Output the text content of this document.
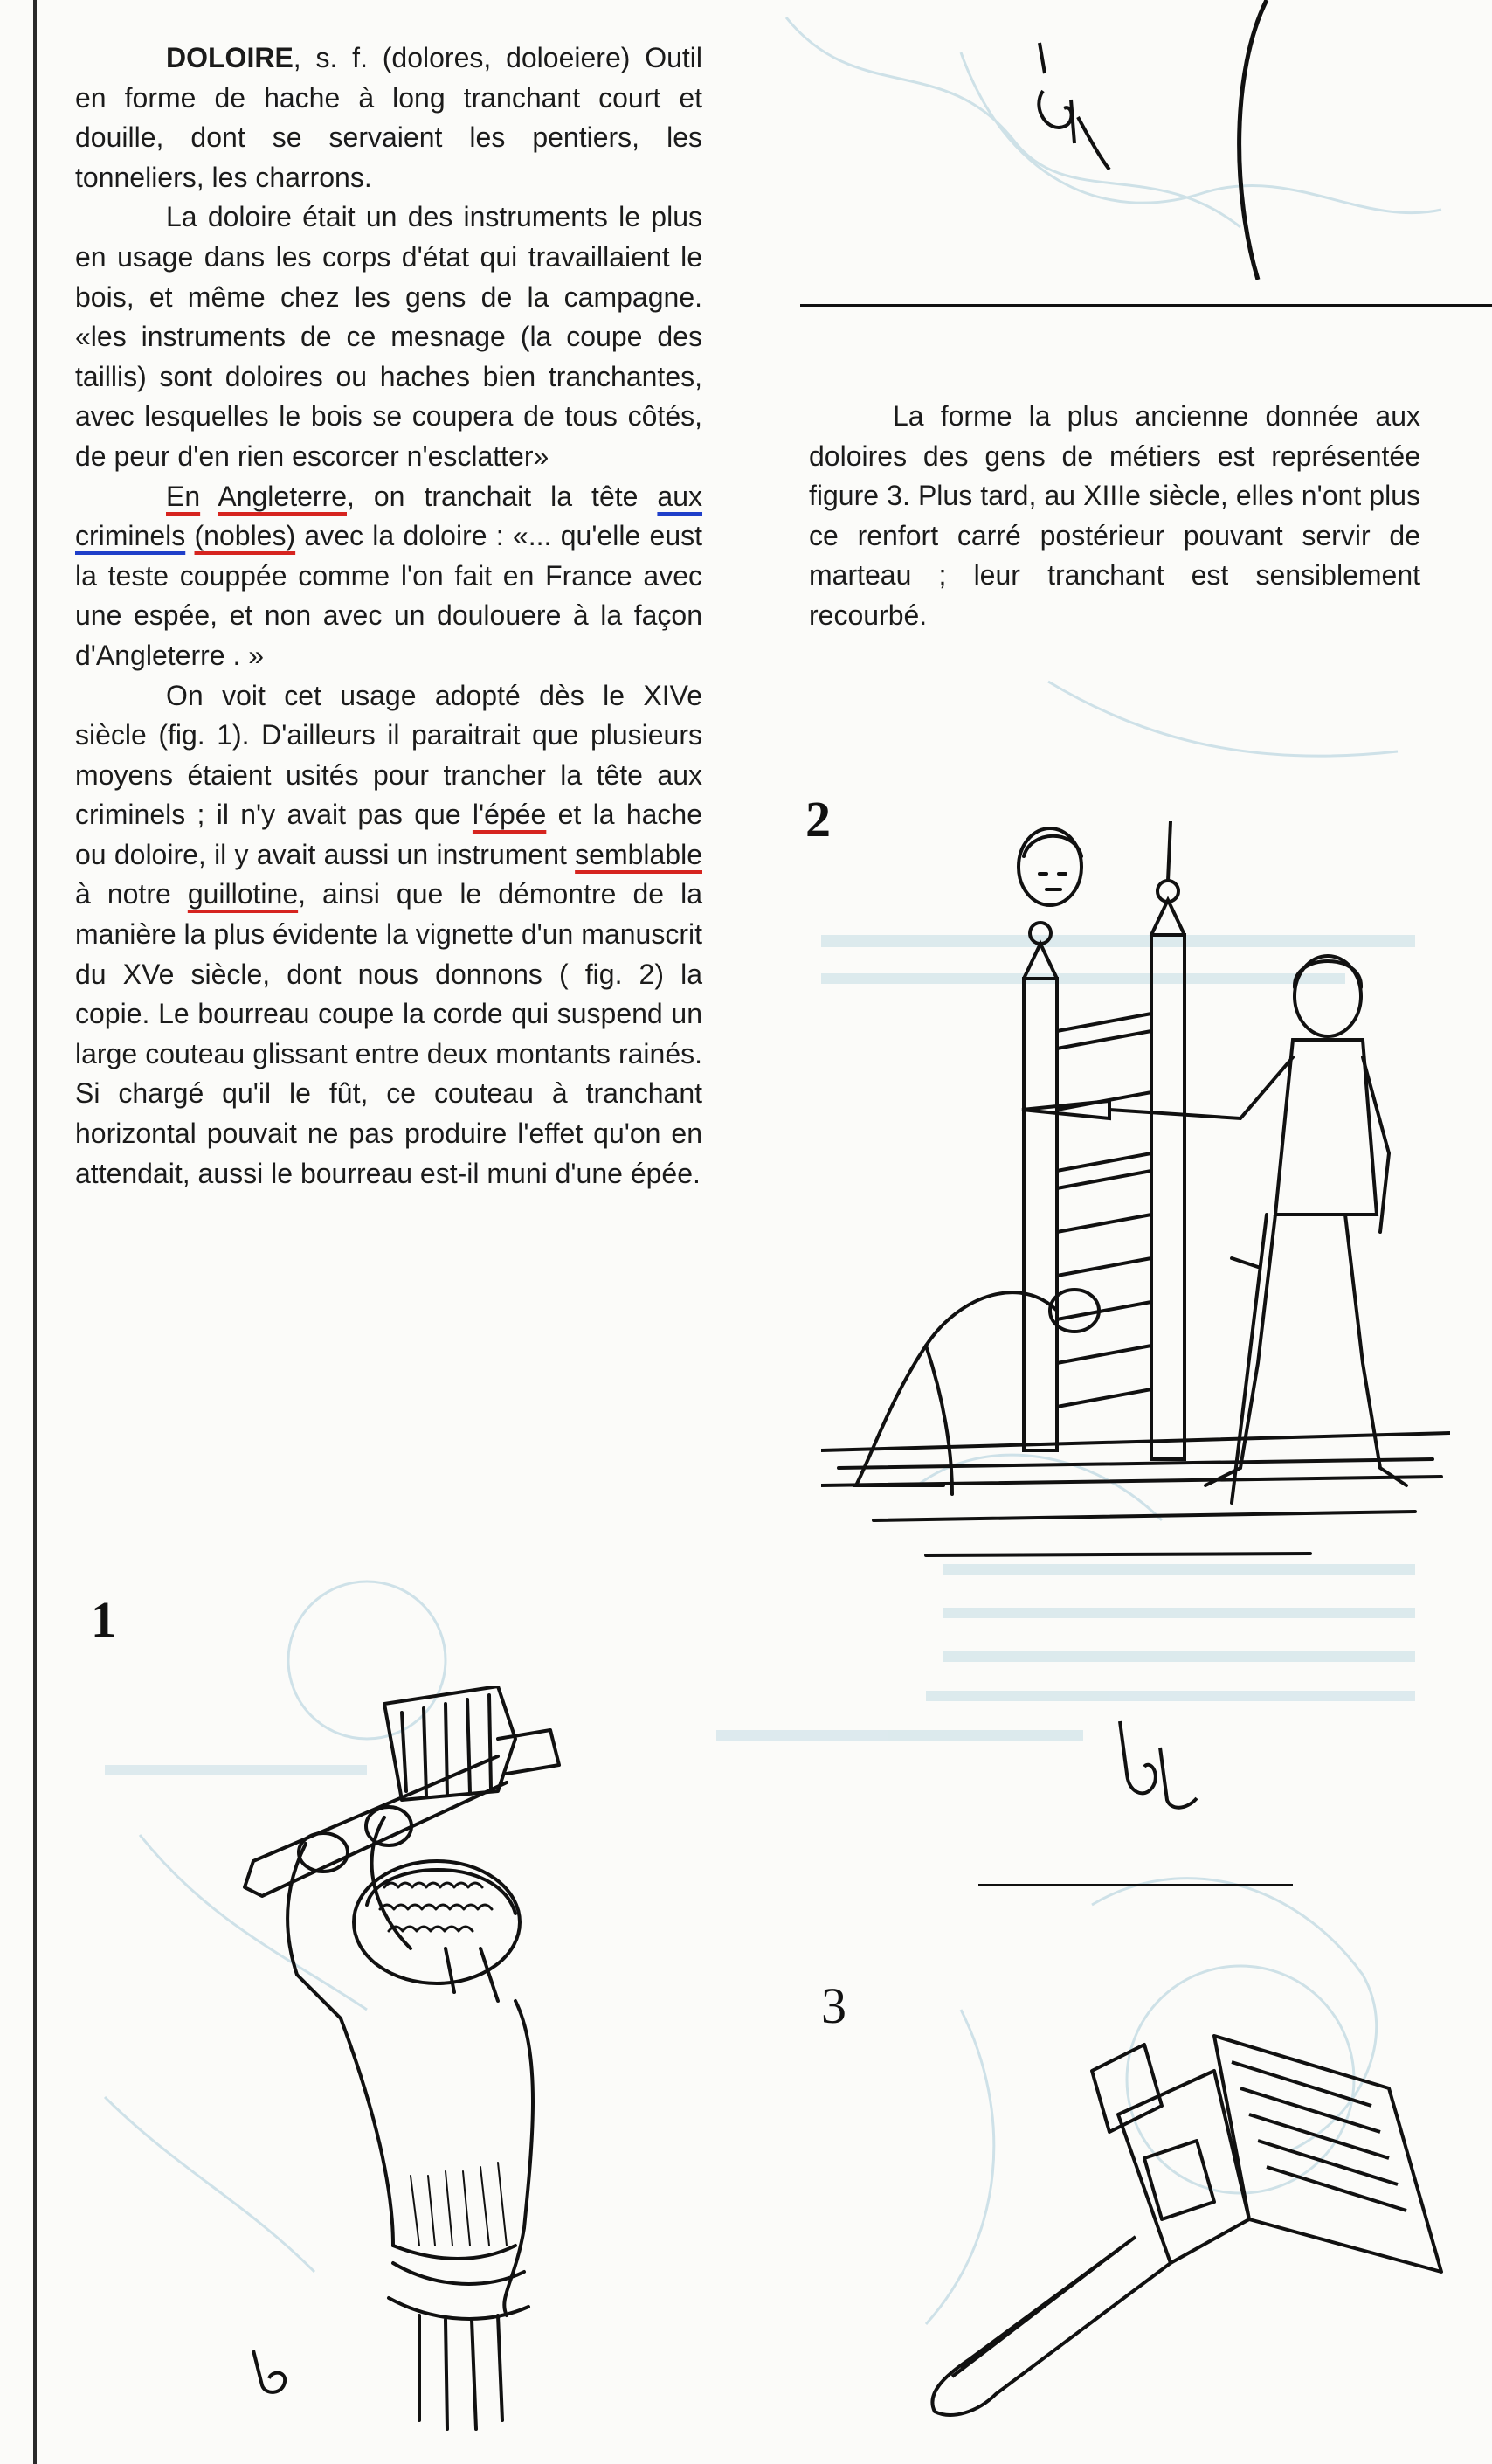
DOLOIRE, s. f. (dolores, doloeiere) Outil en forme de hache à long tranchant court et douille, dont se servaient les pentiers, les tonneliers, les charrons.

La doloire était un des instruments le plus en usage dans les corps d'état qui travaillaient le bois, et même chez les gens de la campagne. «les instruments de ce mesnage (la coupe des taillis) sont doloires ou haches bien tranchantes, avec lesquelles le bois se coupera de tous côtés, de peur d'en rien escorcer n'esclatter»

En Angleterre, on tranchait la tête aux criminels (nobles) avec la doloire : «... qu'elle eust la teste couppée comme l'on fait en France avec une espée, et non avec un doulouere à la façon d'Angleterre . »

On voit cet usage adopté dès le XIVe siècle (fig. 1). D'ailleurs il paraitrait que plusieurs moyens étaient usités pour trancher la tête aux criminels ; il n'y avait pas que l'épée et la hache ou doloire, il y avait aussi un instrument semblable à notre guillotine, ainsi que le démontre de la manière la plus évidente la vignette d'un manuscrit du XVe siècle, dont nous donnons ( fig. 2) la copie. Le bourreau coupe la corde qui suspend un large couteau glissant entre deux montants rainés. Si chargé qu'il le fût, ce couteau à tranchant horizontal pouvait ne pas produire l'effet qu'on en attendait, aussi le bourreau est-il muni d'une épée.

La forme la plus ancienne donnée aux doloires des gens de métiers est représentée figure 3. Plus tard, au XIIIe siècle, elles n'ont plus ce renfort carré postérieur pouvant servir de marteau ; leur tranchant est sensiblement recourbé.

2
3
1
